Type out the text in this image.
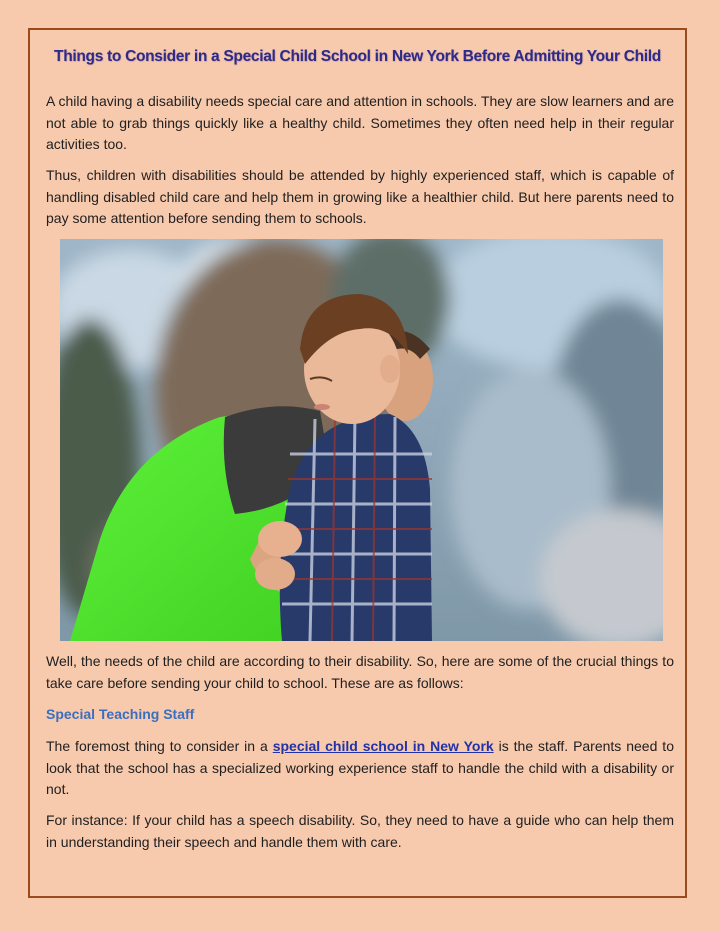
Things to Consider in a Special Child School in New York Before Admitting Your Child

A child having a disability needs special care and attention in schools. They are slow learners and are not able to grab things quickly like a healthy child. Sometimes they often need help in their regular activities too.

Thus, children with disabilities should be attended by highly experienced staff, which is capable of handling disabled child care and help them in growing like a healthier child. But here parents need to pay some attention before sending them to schools.

Well, the needs of the child are according to their disability. So, here are some of the crucial things to take care before sending your child to school. These are as follows:

Special Teaching Staff

The foremost thing to consider in a special child school in New York is the staff. Parents need to look that the school has a specialized working experience staff to handle the child with a disability or not.

For instance: If your child has a speech disability. So, they need to have a guide who can help them in understanding their speech and handle them with care.
